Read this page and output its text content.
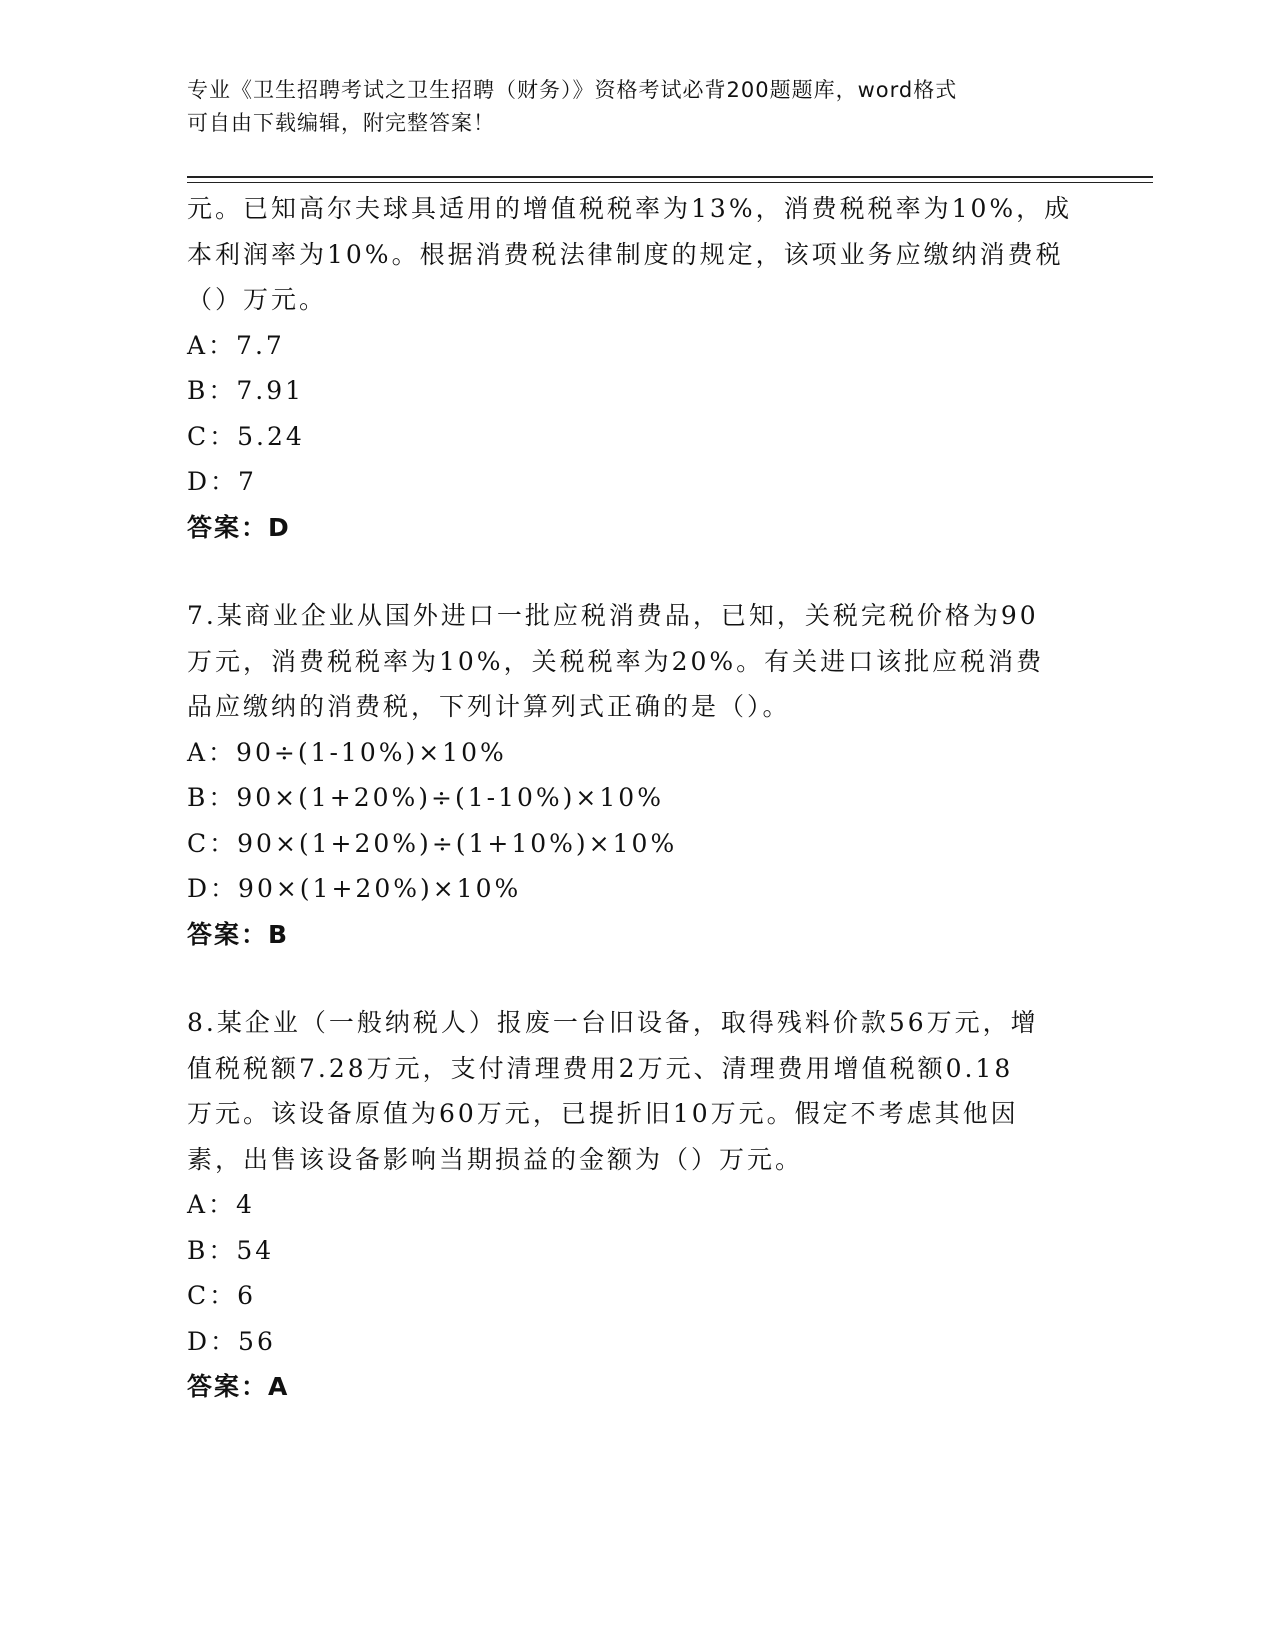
专业《卫生招聘考试之卫生招聘（财务）》资格考试必背200题题库，word格式
可自由下载编辑，附完整答案！
元。已知高尔夫球具适用的增值税税率为13%，消费税税率为10%，成
本利润率为10%。根据消费税法律制度的规定，该项业务应缴纳消费税
（）万元。
A：7.7
B：7.91
C：5.24
D：7
答案：D
7.某商业企业从国外进口一批应税消费品，已知，关税完税价格为90
万元，消费税税率为10%，关税税率为20%。有关进口该批应税消费
品应缴纳的消费税，下列计算列式正确的是（）。
A：90÷(1-10%)×10%
B：90×(1+20%)÷(1-10%)×10%
C：90×(1+20%)÷(1+10%)×10%
D：90×(1+20%)×10%
答案：B
8.某企业（一般纳税人）报废一台旧设备，取得残料价款56万元，增
值税税额7.28万元，支付清理费用2万元、清理费用增值税额0.18
万元。该设备原值为60万元，已提折旧10万元。假定不考虑其他因
素，出售该设备影响当期损益的金额为（）万元。
A：4
B：54
C：6
D：56
答案：A
